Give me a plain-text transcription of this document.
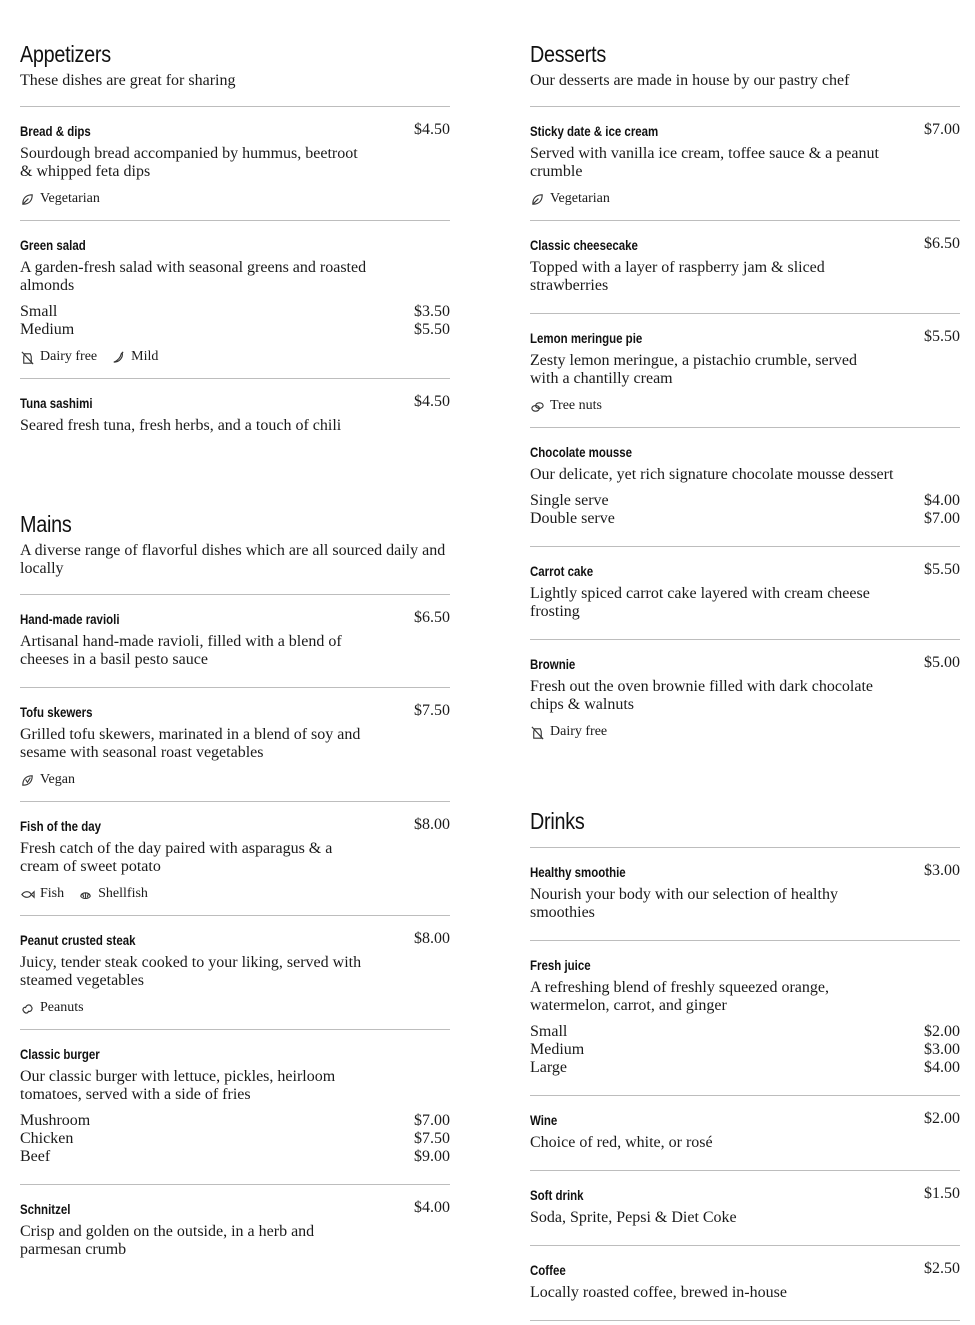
Appetizers
These dishes are great for sharing
Bread & dips	$4.50
Sourdough bread accompanied by hummus, beetroot & whipped feta dips
Vegetarian
Green salad
A garden-fresh salad with seasonal greens and roasted almonds
Small	$3.50
Medium	$5.50
Dairy free Mild
Tuna sashimi	$4.50
Seared fresh tuna, fresh herbs, and a touch of chili
Mains
A diverse range of flavorful dishes which are all sourced daily and locally
Hand-made ravioli	$6.50
Artisanal hand-made ravioli, filled with a blend of cheeses in a basil pesto sauce
Tofu skewers	$7.50
Grilled tofu skewers, marinated in a blend of soy and sesame with seasonal roast vegetables
Vegan
Fish of the day	$8.00
Fresh catch of the day paired with asparagus & a cream of sweet potato
Fish Shellfish
Peanut crusted steak	$8.00
Juicy, tender steak cooked to your liking, served with steamed vegetables
Peanuts
Classic burger
Our classic burger with lettuce, pickles, heirloom tomatoes, served with a side of fries
Mushroom	$7.00
Chicken	$7.50
Beef	$9.00
Schnitzel	$4.00
Crisp and golden on the outside, in a herb and parmesan crumb
Desserts
Our desserts are made in house by our pastry chef
Sticky date & ice cream	$7.00
Served with vanilla ice cream, toffee sauce & a peanut crumble
Vegetarian
Classic cheesecake	$6.50
Topped with a layer of raspberry jam & sliced strawberries
Lemon meringue pie	$5.50
Zesty lemon meringue, a pistachio crumble, served with a chantilly cream
Tree nuts
Chocolate mousse
Our delicate, yet rich signature chocolate mousse dessert
Single serve	$4.00
Double serve	$7.00
Carrot cake	$5.50
Lightly spiced carrot cake layered with cream cheese frosting
Brownie	$5.00
Fresh out the oven brownie filled with dark chocolate chips & walnuts
Dairy free
Drinks
Healthy smoothie	$3.00
Nourish your body with our selection of healthy smoothies
Fresh juice
A refreshing blend of freshly squeezed orange, watermelon, carrot, and ginger
Small	$2.00
Medium	$3.00
Large	$4.00
Wine	$2.00
Choice of red, white, or rosé
Soft drink	$1.50
Soda, Sprite, Pepsi & Diet Coke
Coffee	$2.50
Locally roasted coffee, brewed in-house
